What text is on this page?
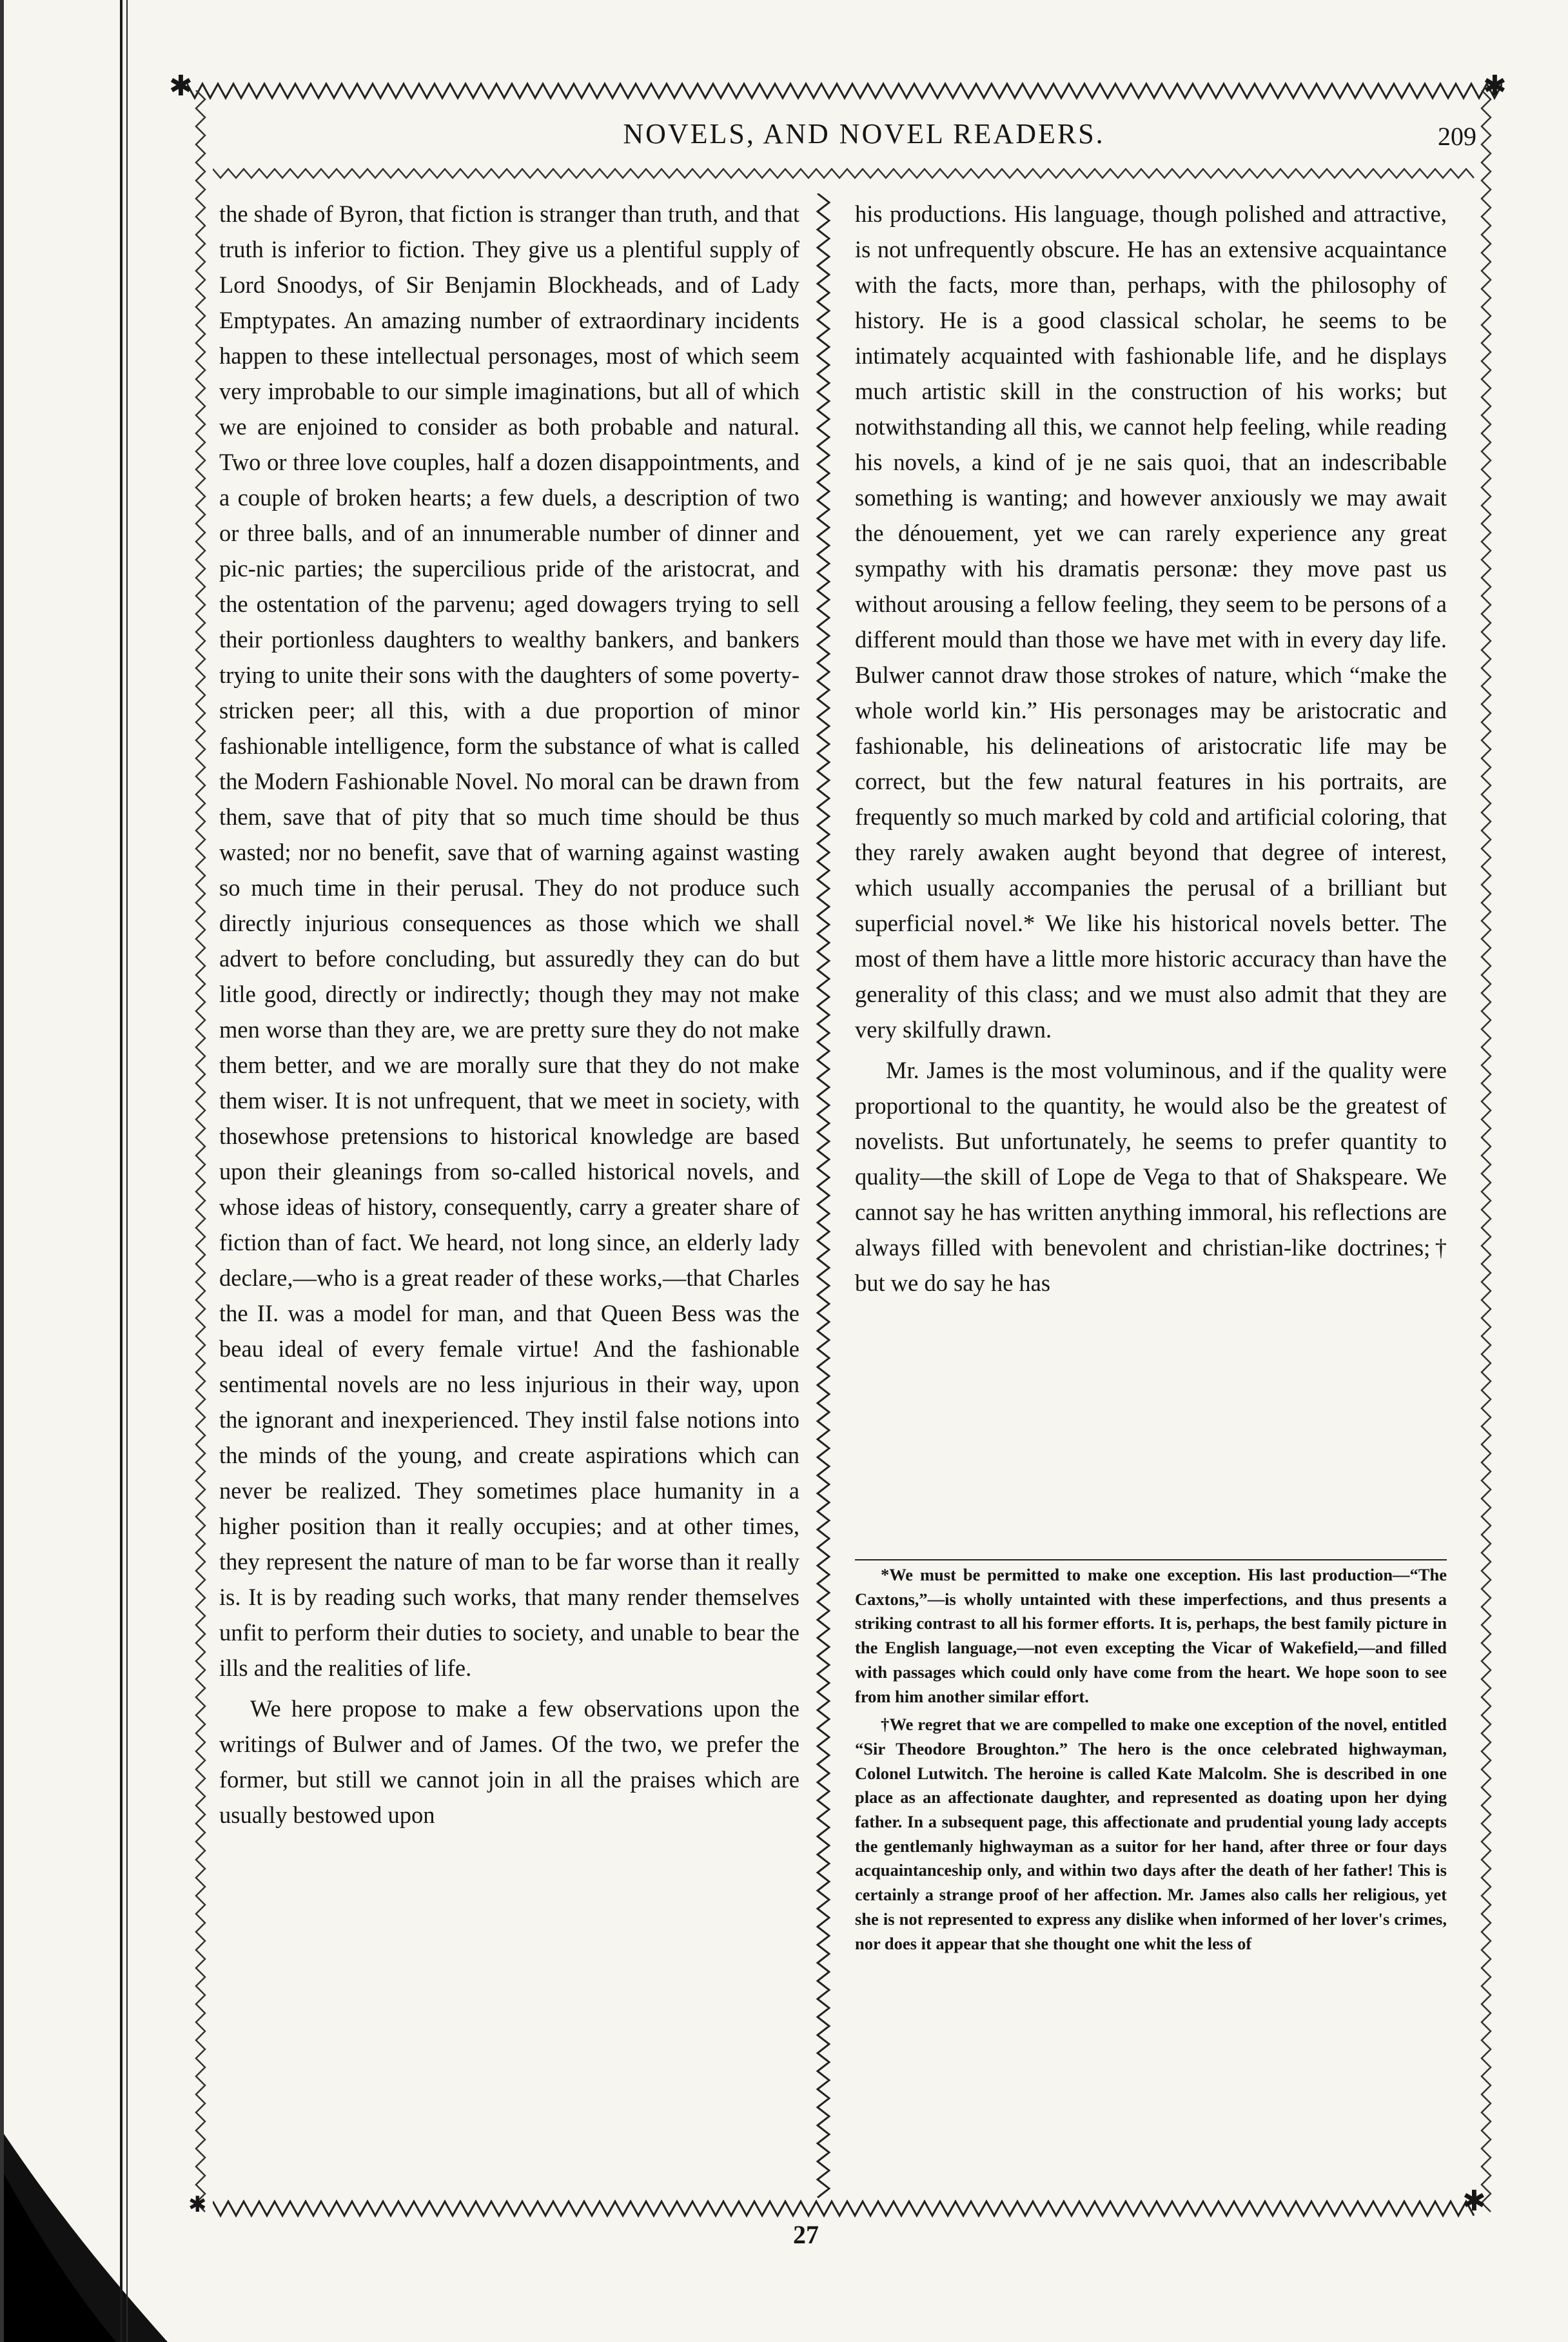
✱	✱
NOVELS, AND NOVEL READERS.	209

the shade of Byron, that fiction is stranger than truth, and that truth is inferior to fiction. They give us a plentiful supply of Lord Snoodys, of Sir Benjamin Blockheads, and of Lady Emptypates. An amazing number of extraordinary incidents happen to these intellectual personages, most of which seem very improbable to our simple imaginations, but all of which we are enjoined to consider as both probable and natural. Two or three love couples, half a dozen disappointments, and a couple of broken hearts; a few duels, a description of two or three balls, and of an innumerable number of dinner and pic-nic parties; the supercilious pride of the aristocrat, and the ostentation of the parvenu; aged dowagers trying to sell their portionless daughters to wealthy bankers, and bankers trying to unite their sons with the daughters of some poverty-stricken peer; all this, with a due proportion of minor fashionable intelligence, form the substance of what is called the Modern Fashionable Novel. No moral can be drawn from them, save that of pity that so much time should be thus wasted; nor no benefit, save that of warning against wasting so much time in their perusal. They do not produce such directly injurious consequences as those which we shall advert to before concluding, but assuredly they can do but litle good, directly or indirectly; though they may not make men worse than they are, we are pretty sure they do not make them better, and we are morally sure that they do not make them wiser. It is not unfrequent, that we meet in society, with thosewhose pretensions to historical knowledge are based upon their gleanings from so-called historical novels, and whose ideas of history, consequently, carry a greater share of fiction than of fact. We heard, not long since, an elderly lady declare,—who is a great reader of these works,—that Charles the II. was a model for man, and that Queen Bess was the beau ideal of every female virtue! And the fashionable sentimental novels are no less injurious in their way, upon the ignorant and inexperienced. They instil false notions into the minds of the young, and create aspirations which can never be realized. They sometimes place humanity in a higher position than it really occupies; and at other times, they represent the nature of man to be far worse than it really is. It is by reading such works, that many render themselves unfit to perform their duties to society, and unable to bear the ills and the realities of life.

We here propose to make a few observations upon the writings of Bulwer and of James. Of the two, we prefer the former, but still we cannot join in all the praises which are usually bestowed upon

his productions. His language, though polished and attractive, is not unfrequently obscure. He has an extensive acquaintance with the facts, more than, perhaps, with the philosophy of history. He is a good classical scholar, he seems to be intimately acquainted with fashionable life, and he displays much artistic skill in the construction of his works; but notwithstanding all this, we cannot help feeling, while reading his novels, a kind of je ne sais quoi, that an indescribable something is wanting; and however anxiously we may await the dénouement, yet we can rarely experience any great sympathy with his dramatis personæ: they move past us without arousing a fellow feeling, they seem to be persons of a different mould than those we have met with in every day life. Bulwer cannot draw those strokes of nature, which “make the whole world kin.” His personages may be aristocratic and fashionable, his delineations of aristocratic life may be correct, but the few natural features in his portraits, are frequently so much marked by cold and artificial coloring, that they rarely awaken aught beyond that degree of interest, which usually accompanies the perusal of a brilliant but superficial novel.* We like his historical novels better. The most of them have a little more historic accuracy than have the generality of this class; and we must also admit that they are very skilfully drawn.

Mr. James is the most voluminous, and if the quality were proportional to the quantity, he would also be the greatest of novelists. But unfortunately, he seems to prefer quantity to quality—the skill of Lope de Vega to that of Shakspeare. We cannot say he has written anything immoral, his reflections are always filled with benevolent and christian-like doctrines;† but we do say he has

*We must be permitted to make one exception. His last production—“The Caxtons,”—is wholly untainted with these imperfections, and thus presents a striking contrast to all his former efforts. It is, perhaps, the best family picture in the English language,—not even excepting the Vicar of Wakefield,—and filled with passages which could only have come from the heart. We hope soon to see from him another similar effort.

†We regret that we are compelled to make one exception of the novel, entitled “Sir Theodore Broughton.” The hero is the once celebrated highwayman, Colonel Lutwitch. The heroine is called Kate Malcolm. She is described in one place as an affectionate daughter, and represented as doating upon her dying father. In a subsequent page, this affectionate and prudential young lady accepts the gentlemanly highwayman as a suitor for her hand, after three or four days acquaintanceship only, and within two days after the death of her father! This is certainly a strange proof of her affection. Mr. James also calls her religious, yet she is not represented to express any dislike when informed of her lover's crimes, nor does it appear that she thought one whit the less of

✱	✱
27
